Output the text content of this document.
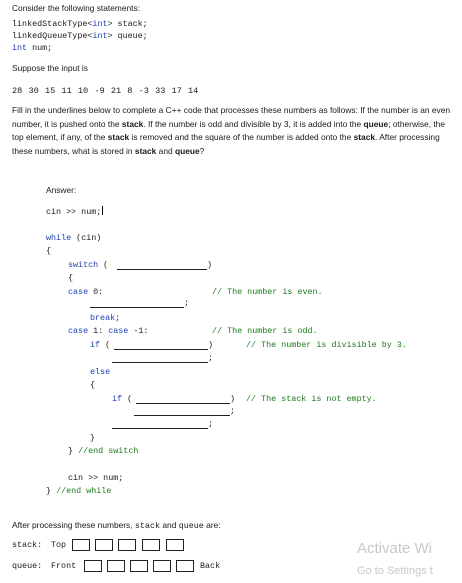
Consider the following statements:
linkedStackType<int> stack;
linkedQueueType<int> queue;
int num;
Suppose the input is
28 30 15 11 10 -9 21 8 -3 33 17 14
Fill in the underlines below to complete a C++ code that processes these numbers as follows: If the number is an even number, it is pushed onto the stack. If the number is odd and divisible by 3, it is added into the queue; otherwise, the top element, if any, of the stack is removed and the square of the number is added onto the stack. After processing these numbers, what is stored in stack and queue?
Answer:
cin >> num;
while (cin)
{
switch (	)
{
case 0:	// The number is even.
;
break;
case 1: case -1:	// The number is odd.
if (	)	// The number is divisible by 3.
;
else
{
if (	) // The stack is not empty.
;
;
}
} //end switch
cin >> num;
} //end while
After processing these numbers, stack and queue are:
stack: Top
queue: Front	Back
Activate Wi
Go to Settings t
